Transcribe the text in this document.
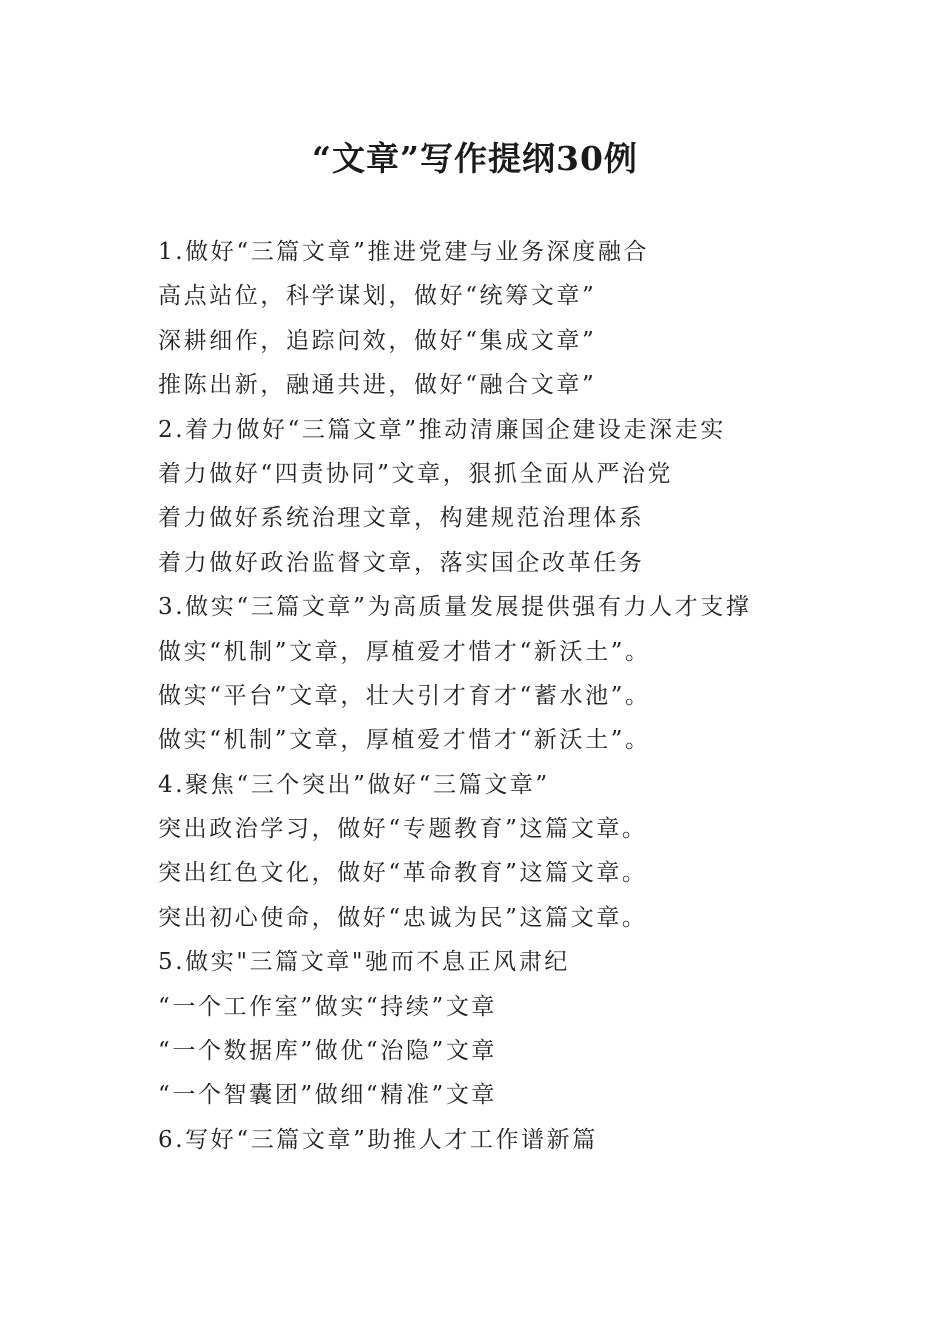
“文章”写作提纲30例
1.做好“三篇文章”推进党建与业务深度融合
高点站位，科学谋划，做好“统筹文章”
深耕细作，追踪问效，做好“集成文章”
推陈出新，融通共进，做好“融合文章”
2.着力做好“三篇文章”推动清廉国企建设走深走实
着力做好“四责协同”文章，狠抓全面从严治党
着力做好系统治理文章，构建规范治理体系
着力做好政治监督文章，落实国企改革任务
3.做实“三篇文章”为高质量发展提供强有力人才支撑
做实“机制”文章，厚植爱才惜才“新沃土”。
做实“平台”文章，壮大引才育才“蓄水池”。
做实“机制”文章，厚植爱才惜才“新沃土”。
4.聚焦“三个突出”做好“三篇文章”
突出政治学习，做好“专题教育”这篇文章。
突出红色文化，做好“革命教育”这篇文章。
突出初心使命，做好“忠诚为民”这篇文章。
5.做实"三篇文章"驰而不息正风肃纪
“一个工作室”做实“持续”文章
“一个数据库”做优“治隐”文章
“一个智囊团”做细“精准”文章
6.写好“三篇文章”助推人才工作谱新篇
